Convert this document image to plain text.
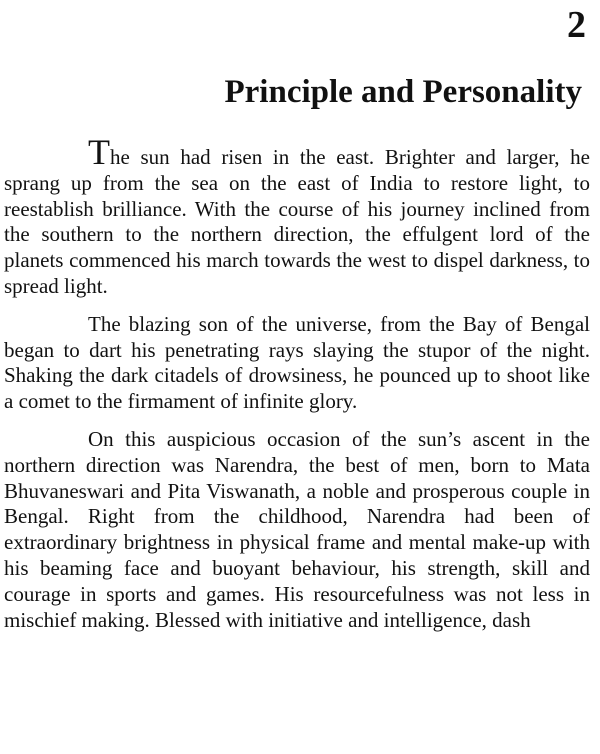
2
Principle and Personality

The sun had risen in the east. Brighter and larger, he sprang up from the sea on the east of India to restore light, to reestablish brilliance. With the course of his journey inclined from the southern to the northern direction, the effulgent lord of the planets commenced his march towards the west to dispel darkness, to spread light.

The blazing son of the universe, from the Bay of Bengal began to dart his penetrating rays slaying the stupor of the night. Shaking the dark citadels of drowsiness, he pounced up to shoot like a comet to the firmament of infinite glory.

On this auspicious occasion of the sun’s ascent in the northern direction was Narendra, the best of men, born to Mata Bhuvaneswari and Pita Viswanath, a noble and prosperous couple in Bengal. Right from the childhood, Narendra had been of extraordinary brightness in physical frame and mental make-up with his beaming face and buoyant behaviour, his strength, skill and courage in sports and games. His resourcefulness was not less in mischief making. Blessed with initiative and intelligence, dash
